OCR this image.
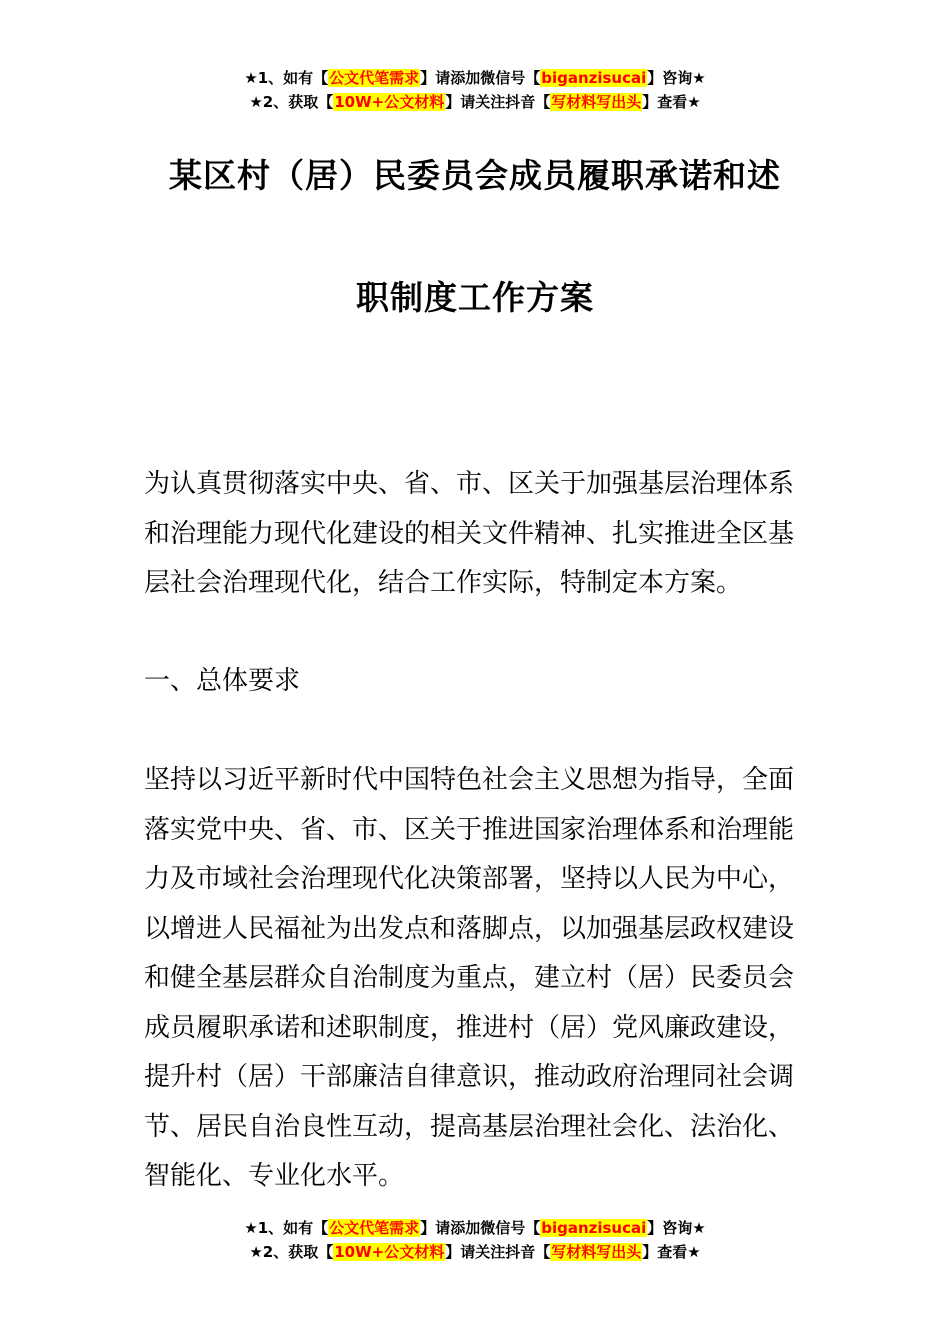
★1、如有【公文代笔需求】请添加微信号【biganzisucai】咨询★
★2、获取【10W+公文材料】请关注抖音【写材料写出头】查看★
某区村（居）民委员会成员履职承诺和述
职制度工作方案

为认真贯彻落实中央、省、市、区关于加强基层治理体系和治理能力现代化建设的相关文件精神、扎实推进全区基层社会治理现代化，结合工作实际，特制定本方案。

一、总体要求

坚持以习近平新时代中国特色社会主义思想为指导，全面落实党中央、省、市、区关于推进国家治理体系和治理能力及市域社会治理现代化决策部署，坚持以人民为中心，以增进人民福祉为出发点和落脚点，以加强基层政权建设和健全基层群众自治制度为重点，建立村（居）民委员会成员履职承诺和述职制度，推进村（居）党风廉政建设，提升村（居）干部廉洁自律意识，推动政府治理同社会调节、居民自治良性互动，提高基层治理社会化、法治化、智能化、专业化水平。

★1、如有【公文代笔需求】请添加微信号【biganzisucai】咨询★
★2、获取【10W+公文材料】请关注抖音【写材料写出头】查看★
